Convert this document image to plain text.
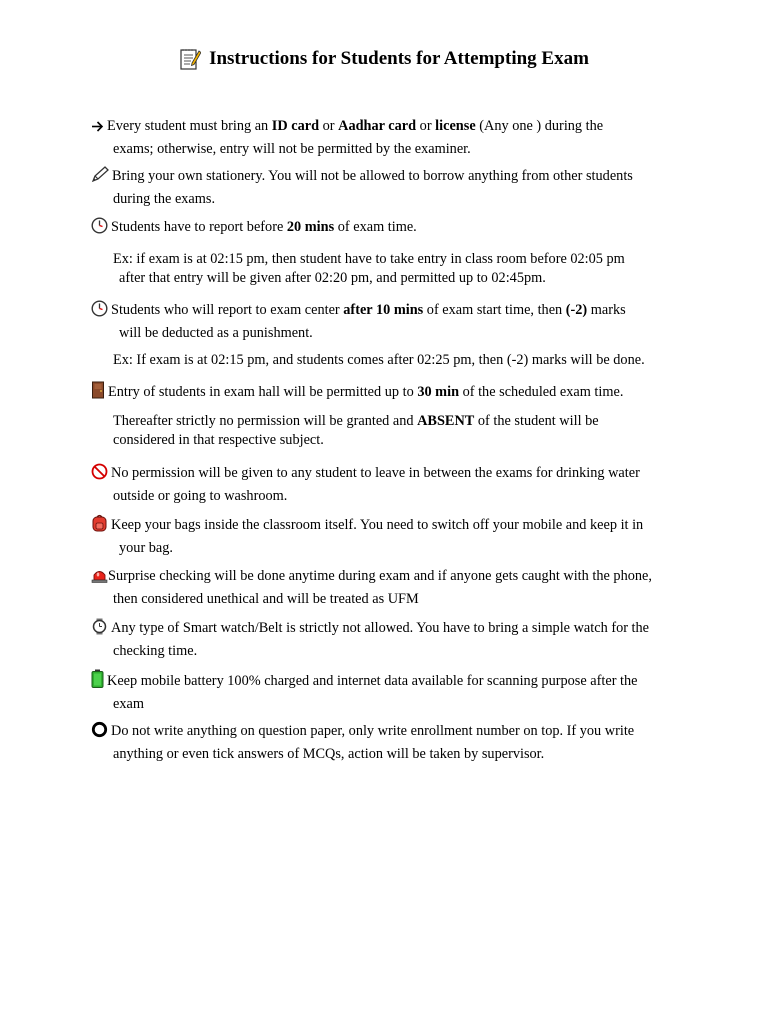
Instructions for Students for Attempting Exam
Every student must bring an ID card or Aadhar card or license (Any one ) during the
exams; otherwise, entry will not be permitted by the examiner.
Bring your own stationery. You will not be allowed to borrow anything from other students
during the exams.
Students have to report before 20 mins of exam time.
Ex: if exam is at 02:15 pm, then student have to take entry in class room before 02:05 pm
after that entry will be given after 02:20 pm, and permitted up to 02:45pm.
Students who will report to exam center after 10 mins of exam start time, then (-2) marks
will be deducted as a punishment.
Ex: If exam is at 02:15 pm, and students comes after 02:25 pm, then (-2) marks will be done.
Entry of students in exam hall will be permitted up to 30 min of the scheduled exam time.
Thereafter strictly no permission will be granted and ABSENT of the student will be
considered in that respective subject.
No permission will be given to any student to leave in between the exams for drinking water
outside or going to washroom.
Keep your bags inside the classroom itself. You need to switch off your mobile and keep it in
your bag.
Surprise checking will be done anytime during exam and if anyone gets caught with the phone,
then considered unethical and will be treated as UFM
Any type of Smart watch/Belt is strictly not allowed. You have to bring a simple watch for the
checking time.
Keep mobile battery 100% charged and internet data available for scanning purpose after the
exam
Do not write anything on question paper, only write enrollment number on top. If you write
anything or even tick answers of MCQs, action will be taken by supervisor.
